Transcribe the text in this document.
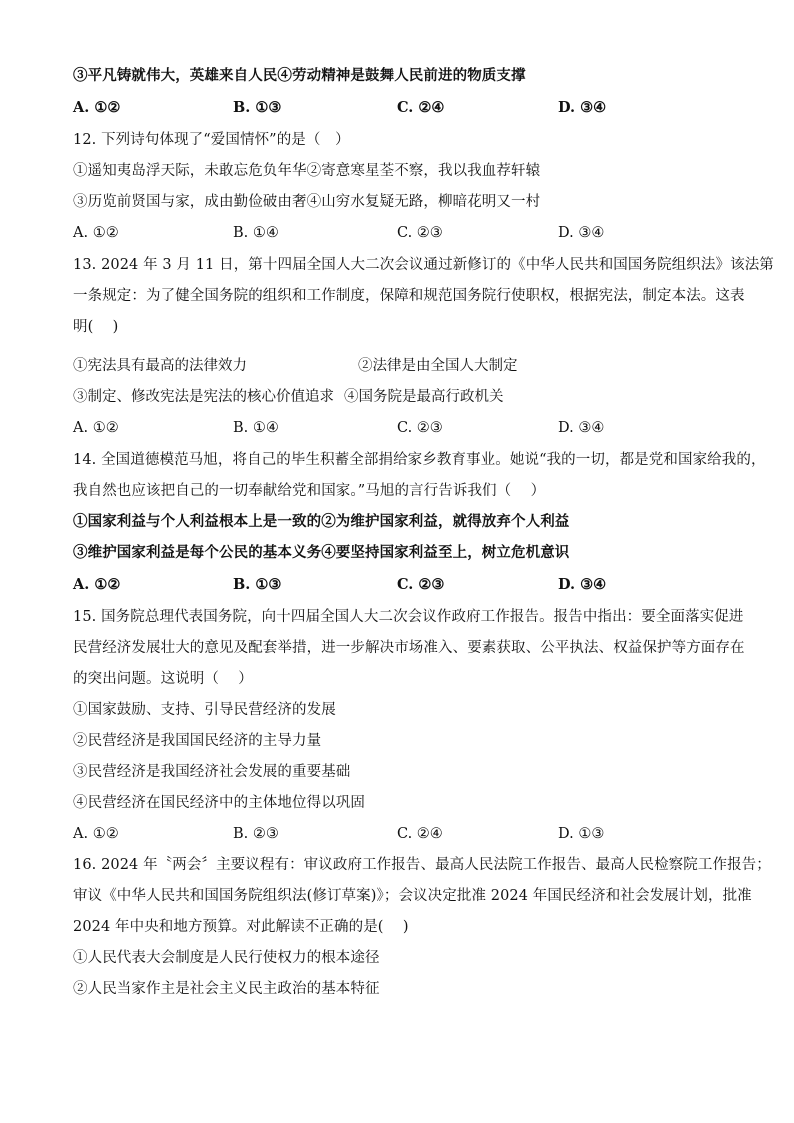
③平凡铸就伟大，英雄来自人民④劳动精神是鼓舞人民前进的物质支撑
A. ①②	B. ①③	C. ②④	D. ③④
12. 下列诗句体现了“爱国情怀”的是（　）
①遥知夷岛浮天际，未敢忘危负年华②寄意寒星荃不察，我以我血荐轩辕
③历览前贤国与家，成由勤俭破由奢④山穷水复疑无路，柳暗花明又一村
A. ①②	B. ①④	C. ②③	D. ③④
13. 2024 年 3 月 11 日，第十四届全国人大二次会议通过新修订的《中华人民共和国国务院组织法》该法第
一条规定：为了健全国务院的组织和工作制度，保障和规范国务院行使职权，根据宪法，制定本法。这表
明(　 )
①宪法具有最高的法律效力	②法律是由全国人大制定
③制定、修改宪法是宪法的核心价值追求 ④国务院是最高行政机关
A. ①②	B. ①④	C. ②③	D. ③④
14. 全国道德模范马旭，将自己的毕生积蓄全部捐给家乡教育事业。她说“我的一切，都是党和国家给我的，
我自然也应该把自己的一切奉献给党和国家。”马旭的言行告诉我们（　 ）
①国家利益与个人利益根本上是一致的②为维护国家利益，就得放弃个人利益
③维护国家利益是每个公民的基本义务④要坚持国家利益至上，树立危机意识
A. ①②	B. ①③	C. ②③	D. ③④
15. 国务院总理代表国务院，向十四届全国人大二次会议作政府工作报告。报告中指出：要全面落实促进
民营经济发展壮大的意见及配套举措，进一步解决市场准入、要素获取、公平执法、权益保护等方面存在
的突出问题。这说明（　 ）
①国家鼓励、支持、引导民营经济的发展
②民营经济是我国国民经济的主导力量
③民营经济是我国经济社会发展的重要基础
④民营经济在国民经济中的主体地位得以巩固
A. ①②	B. ②③	C. ②④	D. ①③
16. 2024 年〝两会〞主要议程有：审议政府工作报告、最高人民法院工作报告、最高人民检察院工作报告；
审议《中华人民共和国国务院组织法(修订草案)》；会议决定批准 2024 年国民经济和社会发展计划，批准
2024 年中央和地方预算。对此解读不正确的是(　 )
①人民代表大会制度是人民行使权力的根本途径
②人民当家作主是社会主义民主政治的基本特征
